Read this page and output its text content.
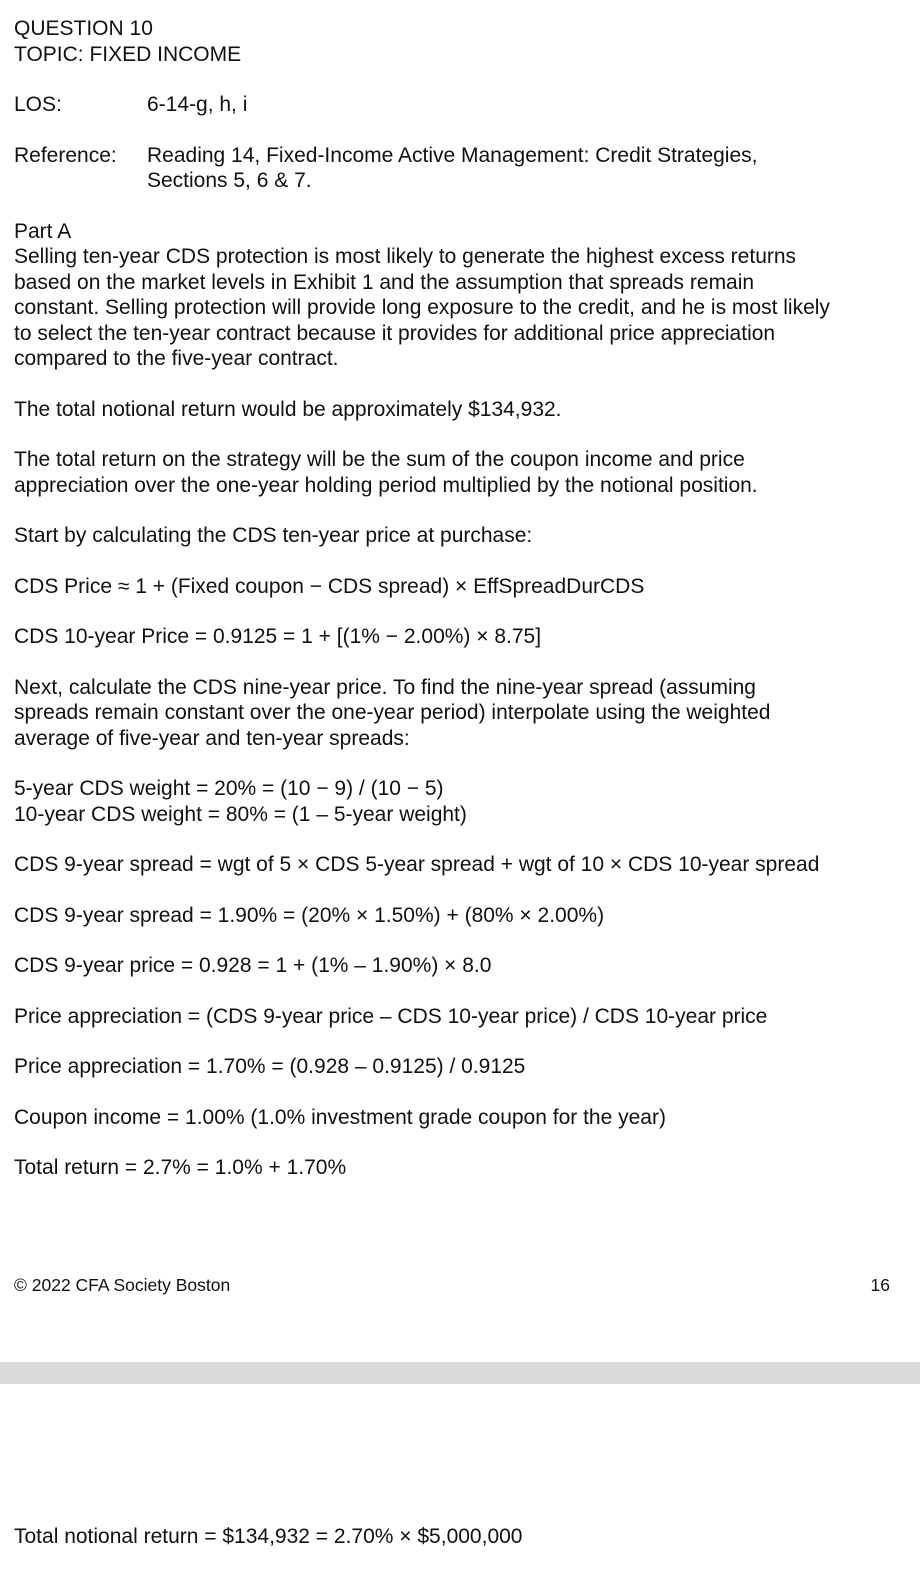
QUESTION 10
TOPIC: FIXED INCOME
LOS:	6-14-g, h, i
Reference:	Reading 14, Fixed-Income Active Management: Credit Strategies,
Sections 5, 6 & 7.
Part A
Selling ten-year CDS protection is most likely to generate the highest excess returns
based on the market levels in Exhibit 1 and the assumption that spreads remain
constant. Selling protection will provide long exposure to the credit, and he is most likely
to select the ten-year contract because it provides for additional price appreciation
compared to the five-year contract.
The total notional return would be approximately $134,932.
The total return on the strategy will be the sum of the coupon income and price
appreciation over the one-year holding period multiplied by the notional position.
Start by calculating the CDS ten-year price at purchase:
CDS Price ≈ 1 + (Fixed coupon − CDS spread) × EffSpreadDurCDS
CDS 10-year Price = 0.9125 = 1 + [(1% − 2.00%) × 8.75]
Next, calculate the CDS nine-year price. To find the nine-year spread (assuming
spreads remain constant over the one-year period) interpolate using the weighted
average of five-year and ten-year spreads:
5-year CDS weight = 20% = (10 − 9) / (10 − 5)
10-year CDS weight = 80% = (1 – 5-year weight)
CDS 9-year spread = wgt of 5 × CDS 5-year spread + wgt of 10 × CDS 10-year spread
CDS 9-year spread = 1.90% = (20% × 1.50%) + (80% × 2.00%)
CDS 9-year price = 0.928 = 1 + (1% – 1.90%) × 8.0
Price appreciation = (CDS 9-year price – CDS 10-year price) / CDS 10-year price
Price appreciation = 1.70% = (0.928 – 0.9125) / 0.9125
Coupon income = 1.00% (1.0% investment grade coupon for the year)
Total return = 2.7% = 1.0% + 1.70%
© 2022 CFA Society Boston	16
Total notional return = $134,932 = 2.70% × $5,000,000
